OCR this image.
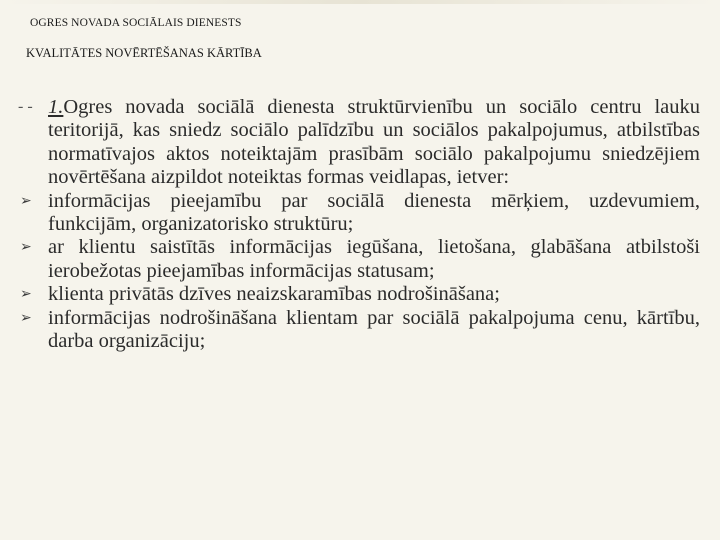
OGRES NOVADA SOCIĀLAIS DIENESTS
KVALITĀTES NOVĒRTĒŠANAS KĀRTĪBA
- -
1.Ogres novada sociālā dienesta struktūrvienību un sociālo centru lauku teritorijā, kas sniedz sociālo palīdzību un sociālos pakalpojumus, atbilstības normatīvajos aktos noteiktajām prasībām sociālo pakalpojumu sniedzējiem novērtēšana aizpildot noteiktas formas veidlapas, ietver:
➢ informācijas pieejamību par sociālā dienesta mērķiem, uzdevumiem, funkcijām, organizatorisko struktūru;
➢ ar klientu saistītās informācijas iegūšana, lietošana, glabāšana atbilstoši ierobežotas pieejamības informācijas statusam;
➢ klienta privātās dzīves neaizskaramības nodrošināšana;
➢ informācijas nodrošināšana klientam par sociālā pakalpojuma cenu, kārtību, darba organizāciju;
